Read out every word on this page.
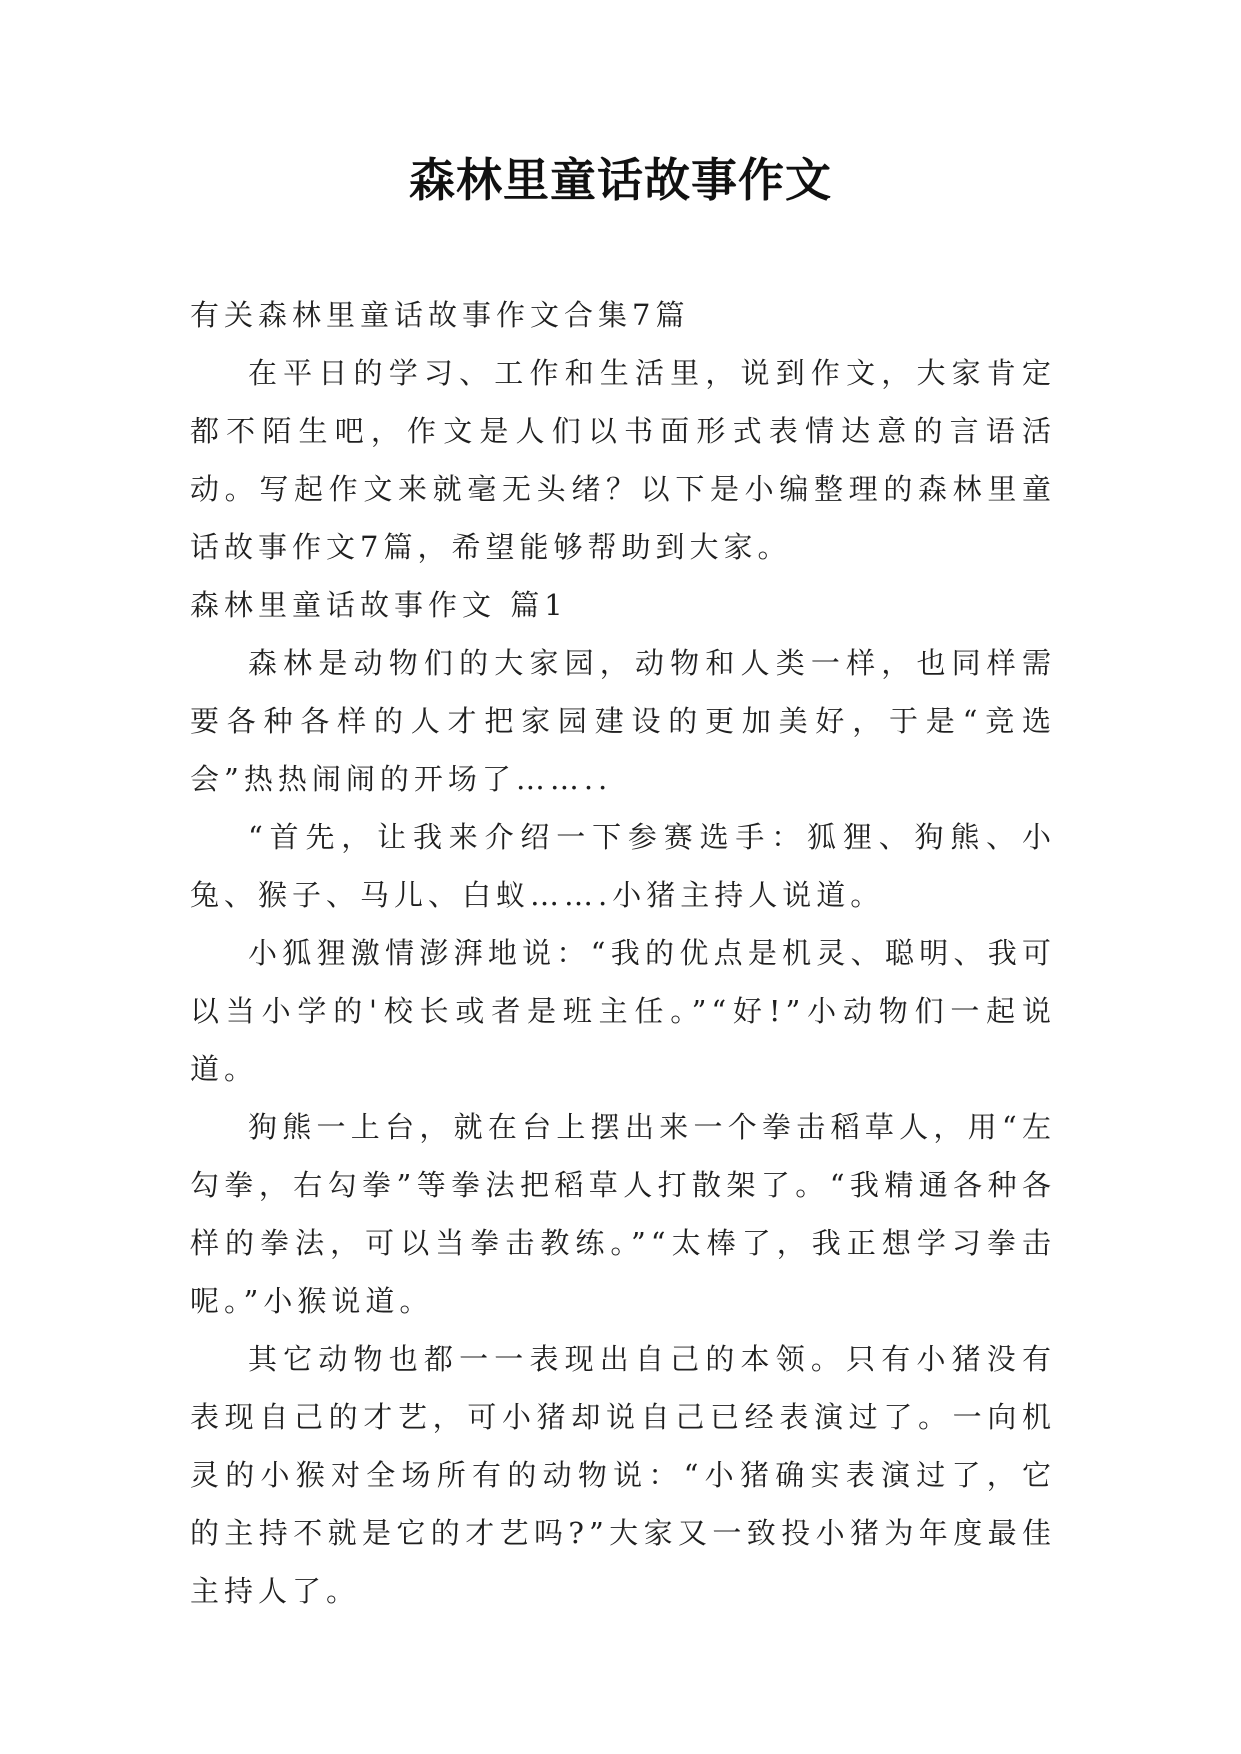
森林里童话故事作文

有关森林里童话故事作文合集7篇

在平日的学习、工作和生活里，说到作文，大家肯定都不陌生吧，作文是人们以书面形式表情达意的言语活动。写起作文来就毫无头绪？以下是小编整理的森林里童话故事作文7篇，希望能够帮助到大家。

森林里童话故事作文 篇1

森林是动物们的大家园，动物和人类一样，也同样需要各种各样的人才把家园建设的更加美好，于是“竞选会”热热闹闹的开场了……..

“首先，让我来介绍一下参赛选手：狐狸、狗熊、小兔、猴子、马儿、白蚁…….小猪主持人说道。

小狐狸激情澎湃地说：“我的优点是机灵、聪明、我可以当小学的'校长或者是班主任。”“好!”小动物们一起说道。

狗熊一上台，就在台上摆出来一个拳击稻草人，用“左勾拳，右勾拳”等拳法把稻草人打散架了。“我精通各种各样的拳法，可以当拳击教练。”“太棒了，我正想学习拳击呢。”小猴说道。

其它动物也都一一表现出自己的本领。只有小猪没有表现自己的才艺，可小猪却说自己已经表演过了。一向机灵的小猴对全场所有的动物说：“小猪确实表演过了，它的主持不就是它的才艺吗?”大家又一致投小猪为年度最佳主持人了。
